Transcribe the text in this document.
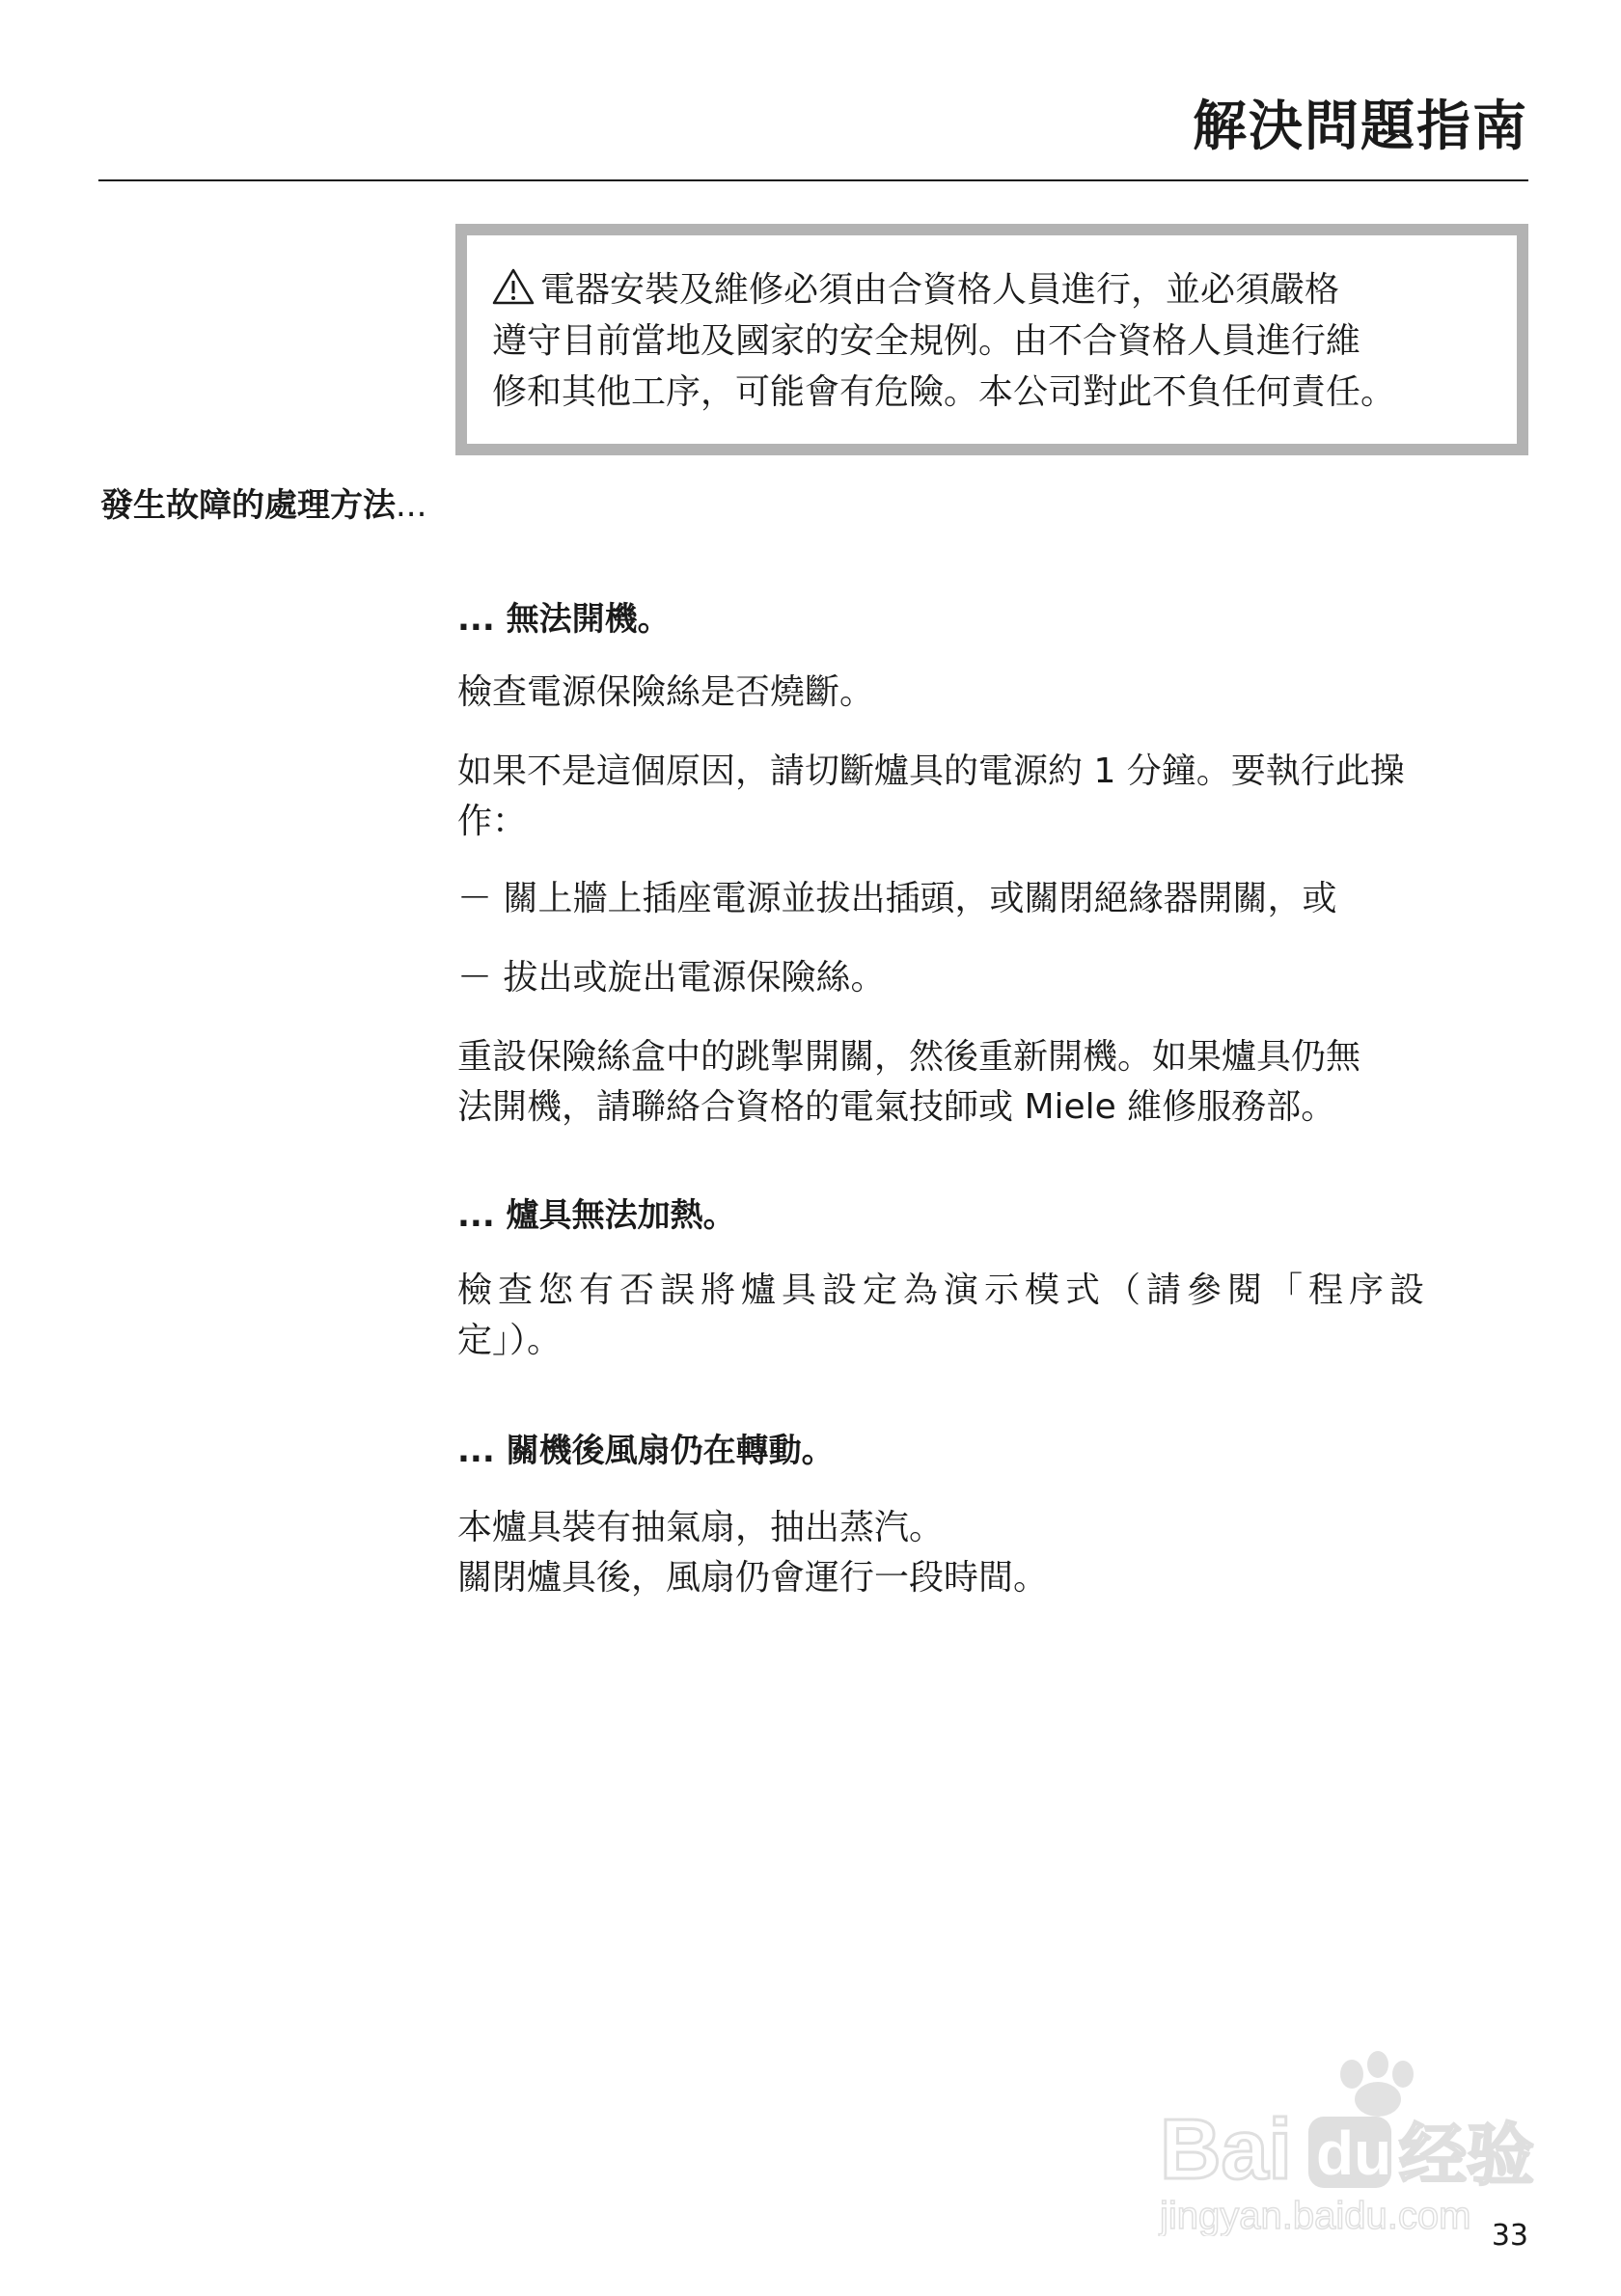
解決問題指南
電器安裝及維修必須由合資格人員進行，並必須嚴格
遵守目前當地及國家的安全規例。由不合資格人員進行維
修和其他工序，可能會有危險。本公司對此不負任何責任。
發生故障的處理方法...
... 無法開機。

檢查電源保險絲是否燒斷。

如果不是這個原因，請切斷爐具的電源約 1 分鐘。要執行此操

作：

－ 關上牆上插座電源並拔出插頭，或關閉絕緣器開關，或

－ 拔出或旋出電源保險絲。

重設保險絲盒中的跳掣開關，然後重新開機。如果爐具仍無

法開機，請聯絡合資格的電氣技師或 Miele 維修服務部。

... 爐具無法加熱。

檢查您有否誤將爐具設定為演示模式（請參閱「程序設

定」）。

... 關機後風扇仍在轉動。

本爐具裝有抽氣扇，抽出蒸汽。

關閉爐具後，風扇仍會運行一段時間。

Bai du 经验
jingyan.baidu.com 33
